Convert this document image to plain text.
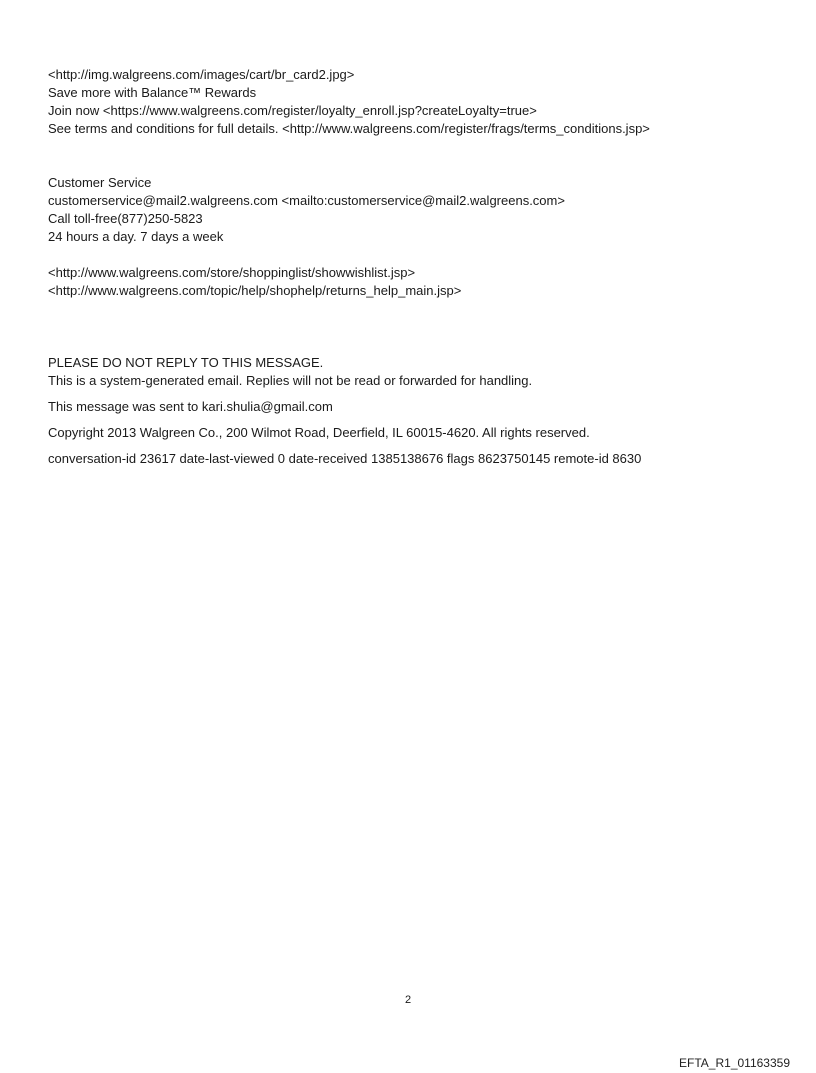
<http://img.walgreens.com/images/cart/br_card2.jpg>
Save more with Balance™ Rewards
Join now <https://www.walgreens.com/register/loyalty_enroll.jsp?createLoyalty=true>
See terms and conditions for full details. <http://www.walgreens.com/register/frags/terms_conditions.jsp>
Customer Service
customerservice@mail2.walgreens.com <mailto:customerservice@mail2.walgreens.com>
Call toll-free(877)250-5823
24 hours a day. 7 days a week
<http://www.walgreens.com/store/shoppinglist/showwishlist.jsp>
<http://www.walgreens.com/topic/help/shophelp/returns_help_main.jsp>
PLEASE DO NOT REPLY TO THIS MESSAGE.
This is a system-generated email. Replies will not be read or forwarded for handling.
This message was sent to kari.shulia@gmail.com
Copyright 2013 Walgreen Co., 200 Wilmot Road, Deerfield, IL 60015-4620. All rights reserved.
conversation-id 23617 date-last-viewed 0 date-received 1385138676 flags 8623750145 remote-id 8630
2
EFTA_R1_01163359
